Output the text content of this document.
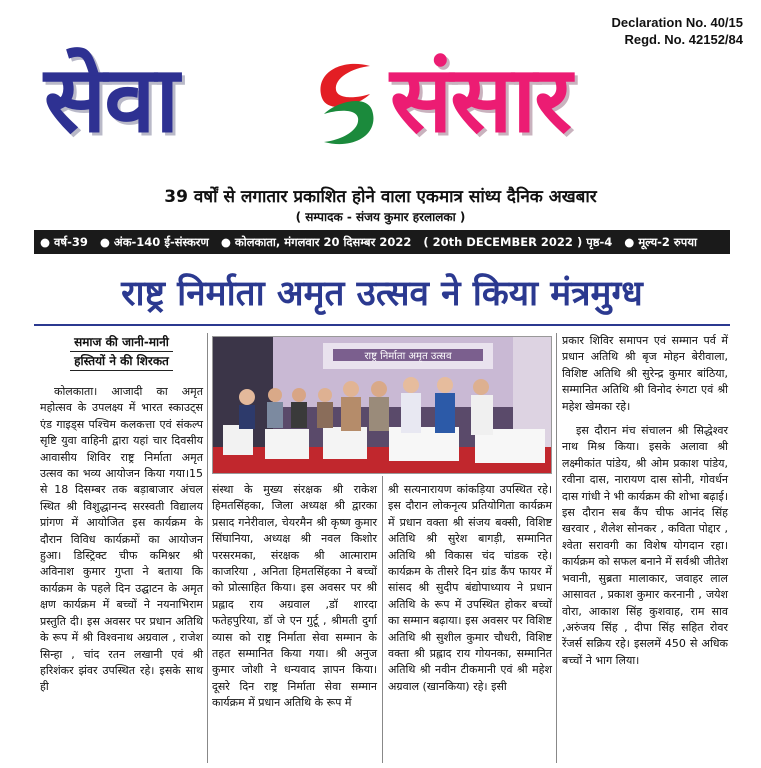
Declaration No. 40/15
Regd. No. 42152/84
सेवा संसार
39 वर्षों से लगातार प्रकाशित होने वाला एकमात्र सांध्य दैनिक अखबार
( सम्पादक - संजय कुमार हरलालका )
● वर्ष-39 ● अंक-140 ई-संस्करण ● कोलकाता, मंगलवार 20 दिसम्बर 2022 ( 20th DECEMBER 2022 ) पृष्ठ-4 ● मूल्य-2 रुपया
राष्ट्र निर्माता अमृत उत्सव ने किया मंत्रमुग्ध
समाज की जानी-मानी
हस्तियों ने की शिरकत	राष्ट्र निर्माता अमृत उत्सव

कोलकाता। आजादी का अमृत महोत्सव के उपलक्ष्य में भारत स्काउट्स एंड गाइड्स पश्चिम कलकत्ता एवं संकल्प सृष्टि युवा वाहिनी द्वारा यहां चार दिवसीय आवासीय शिविर राष्ट्र निर्माता अमृत उत्सव का भव्य आयोजन किया गया।15 से 18 दिसम्बर तक बड़ाबाजार अंचल स्थित श्री विशुद्धानन्द सरस्वती विद्यालय प्रांगण में आयोजित इस कार्यक्रम के दौरान विविध कार्यक्रमों का आयोजन हुआ। डिस्ट्रिक्ट चीफ कमिश्नर श्री अविनाश कुमार गुप्ता ने बताया कि कार्यक्रम के पहले दिन उद्घाटन के अमृत क्षण कार्यक्रम में बच्चों ने नयनाभिराम प्रस्तुति दी। इस अवसर पर प्रधान अतिथि के रूप में श्री विश्वनाथ अग्रवाल , राजेश सिन्हा , चांद रतन लखानी एवं श्री हरिशंकर झंवर उपस्थित रहे। इसके साथ ही

संस्था के मुख्य संरक्षक श्री राकेश हिमतसिंहका, जिला अध्यक्ष श्री द्वारका प्रसाद गनेरीवाल, चेयरमैन श्री कृष्ण कुमार सिंघानिया, अध्यक्ष श्री नवल किशोर परसरमका, संरक्षक श्री आत्माराम काजरिया , अनिता हिमतसिंहका ने बच्चों को प्रोत्साहित किया। इस अवसर पर श्री प्रह्लाद राय अग्रवाल ,डॉ शारदा फतेहपुरिया, डॉ जे एन गुर्टू , श्रीमती दुर्गा व्यास को राष्ट्र निर्माता सेवा सम्मान के तहत सम्मानित किया गया। श्री अनुज कुमार जोशी ने धन्यवाद ज्ञापन किया। दूसरे दिन राष्ट्र निर्माता सेवा सम्मान कार्यक्रम में प्रधान अतिथि के रूप में

श्री सत्यनारायण कांकड़िया उपस्थित रहे। इस दौरान लोकनृत्य प्रतियोगिता कार्यक्रम में प्रधान वक्ता श्री संजय बक्सी, विशिष्ट अतिथि श्री सुरेश बागड़ी, सम्मानित अतिथि श्री विकास चंद चांडक रहे। कार्यक्रम के तीसरे दिन ग्रांड कैंप फायर में सांसद श्री सुदीप बंद्योपाध्याय ने प्रधान अतिथि के रूप में उपस्थित होकर बच्चों का सम्मान बढ़ाया। इस अवसर पर विशिष्ट अतिथि श्री सुशील कुमार चौधरी, विशिष्ट वक्ता श्री प्रह्लाद राय गोयनका, सम्मानित अतिथि श्री नवीन टीकमानी एवं श्री महेश अग्रवाल (खानकिया) रहे। इसी

प्रकार शिविर समापन एवं सम्मान पर्व में प्रधान अतिथि श्री बृज मोहन बेरीवाला, विशिष्ट अतिथि श्री सुरेन्द्र कुमार बांठिया, सम्मानित अतिथि श्री विनोद रुंगटा एवं श्री महेश खेमका रहे।

इस दौरान मंच संचालन श्री सिद्धेश्वर नाथ मिश्र किया। इसके अलावा श्री लक्ष्मीकांत पांडेय, श्री ओम प्रकाश पांडेय, रवीना दास, नारायण दास सोनी, गोवर्धन दास गांधी ने भी कार्यक्रम की शोभा बढ़ाई। इस दौरान सब कैंप चीफ आनंद सिंह खरवार , शैलेश सोनकर , कविता पोद्दार , श्वेता सरावगी का विशेष योगदान रहा। कार्यक्रम को सफल बनाने में सर्वश्री जीतेश भवानी, सुब्रता मालाकार, जवाहर लाल आसावत , प्रकाश कुमार करनानी , जयेश वोरा, आकाश सिंह कुशवाह, राम साव ,अरुंजय सिंह , दीपा सिंह सहित रोवर रेंजर्स सक्रिय रहे। इसलमें 450 से अधिक बच्चों ने भाग लिया।
